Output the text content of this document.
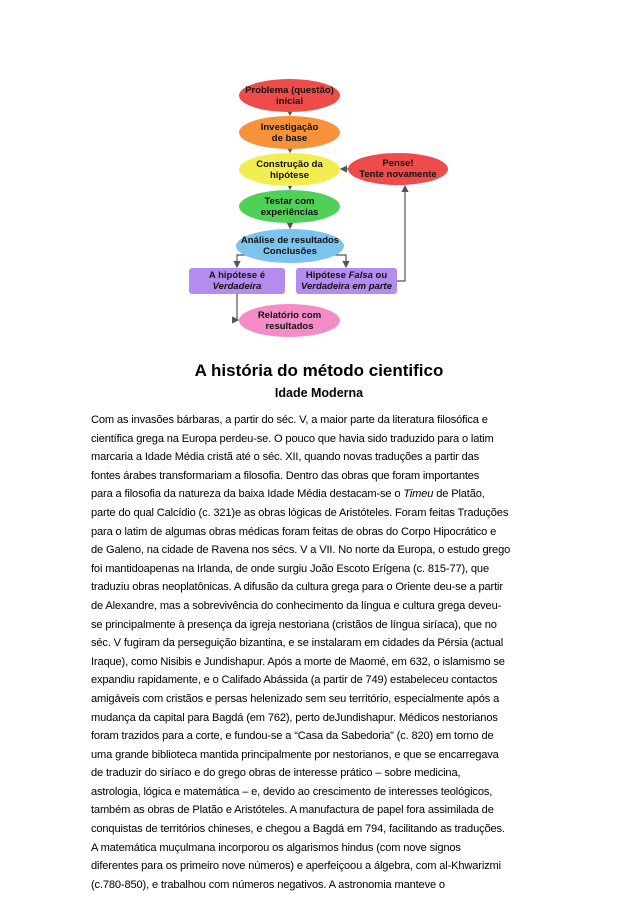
Problema (questão)
inicial
Investigação
de base
Construção da
hipótese
Testar com
experiências
Análise de resultados
Conclusões
Pense!
Tente novamente
A hipótese é
Verdadeira
Hipótese Falsa ou
Verdadeira em parte
Relatório com
resultados
A história do método cientifico
Idade Moderna
Com as invasões bárbaras, a partir do séc. V, a maior parte da literatura filosófica e
científica grega na Europa perdeu-se. O pouco que havia sido traduzido para o latim
marcaria a Idade Média cristã até o séc. XII, quando novas traduções a partir das
fontes árabes transformariam a filosofia. Dentro das obras que foram importantes
para a filosofia da natureza da baixa Idade Média destacam-se o Timeu de Platão,
parte do qual Calcídio (c. 321)e as obras lógicas de Aristóteles. Foram feitas Traduções
para o latim de algumas obras médicas foram feitas de obras do Corpo Hipocrático e
de Galeno, na cidade de Ravena nos sécs. V a VII. No norte da Europa, o estudo grego
foi mantidoapenas na Irlanda, de onde surgiu João Escoto Erígena (c. 815-77), que
traduziu obras neoplatônicas. A difusão da cultura grega para o Oriente deu-se a partir
de Alexandre, mas a sobrevivência do conhecimento da língua e cultura grega deveu-
se principalmente à presença da igreja nestoriana (cristãos de língua siríaca), que no
séc. V fugiram da perseguição bizantina, e se instalaram em cidades da Pérsia (actual
Iraque), como Nisibis e Jundishapur. Após a morte de Maomé, em 632, o islamismo se
expandiu rapidamente, e o Califado Abássida (a partir de 749) estabeleceu contactos
amigáveis com cristãos e persas helenizado sem seu território, especialmente após a
mudança da capital para Bagdá (em 762), perto deJundishapur. Médicos nestorianos
foram trazidos para a corte, e fundou-se a “Casa da Sabedoria” (c. 820) em torno de
uma grande biblioteca mantida principalmente por nestorianos, e que se encarregava
de traduzir do siríaco e do grego obras de interesse prático – sobre medicina,
astrologia, lógica e matemática – e, devido ao crescimento de interesses teológicos,
também as obras de Platão e Aristóteles. A manufactura de papel fora assimilada de
conquistas de territórios chineses, e chegou a Bagdá em 794, facilitando as traduções.
A matemática muçulmana incorporou os algarismos hindus (com nove signos
diferentes para os primeiro nove números) e aperfeiçoou a álgebra, com al-Khwarizmi
(c.780-850), e trabalhou com números negativos. A astronomia manteve o
